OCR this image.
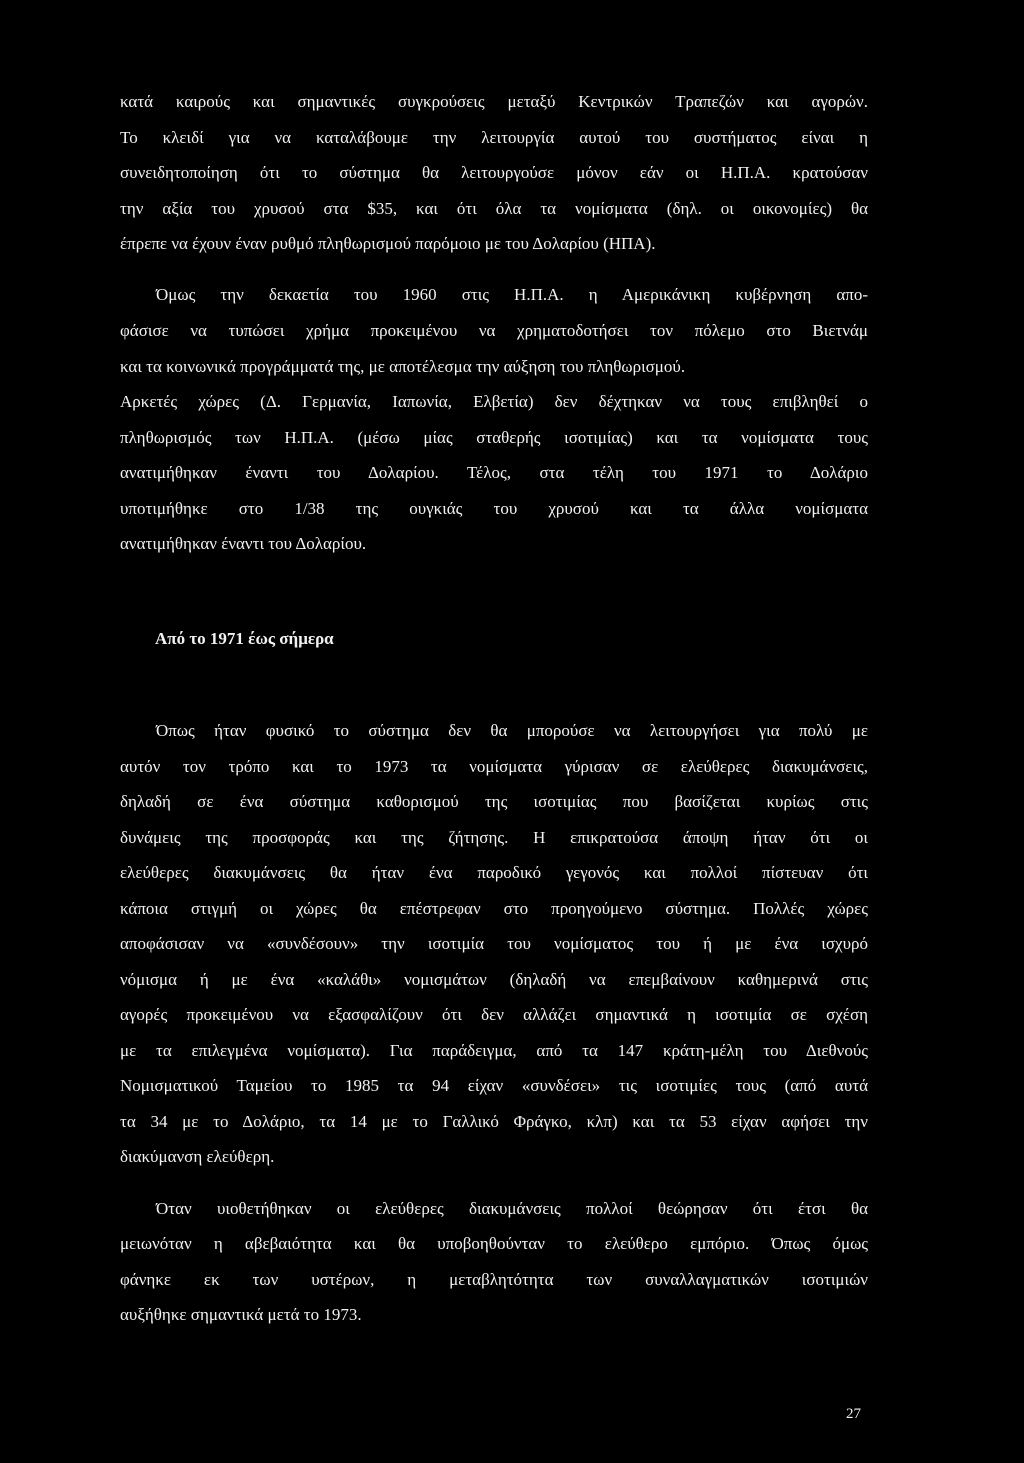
κατά καιρούς και σημαντικές συγκρούσεις μεταξύ Κεντρικών Τραπεζών και αγορών.

Το κλειδί για να καταλάβουμε την λειτουργία αυτού του συστήματος είναι η

συνειδητοποίηση ότι το σύστημα θα λειτουργούσε μόνον εάν οι Η.Π.Α. κρατούσαν

την αξία του χρυσού στα $35, και ότι όλα τα νομίσματα (δηλ. οι οικονομίες) θα

έπρεπε να έχουν έναν ρυθμό πληθωρισμού παρόμοιο με του Δολαρίου (ΗΠΑ).

Όμως την δεκαετία του 1960 στις Η.Π.Α. η Αμερικάνικη κυβέρνηση απο-

φάσισε να τυπώσει χρήμα προκειμένου να χρηματοδοτήσει τον πόλεμο στο Βιετνάμ

και τα κοινωνικά προγράμματά της, με αποτέλεσμα την αύξηση του πληθωρισμού.

Αρκετές χώρες (Δ. Γερμανία, Ιαπωνία, Ελβετία) δεν δέχτηκαν να τους επιβληθεί ο

πληθωρισμός των Η.Π.Α. (μέσω μίας σταθερής ισοτιμίας) και τα νομίσματα τους

ανατιμήθηκαν έναντι του Δολαρίου. Τέλος, στα τέλη του 1971 το Δολάριο

υποτιμήθηκε στο 1/38 της ουγκιάς του χρυσού και τα άλλα νομίσματα

ανατιμήθηκαν έναντι του Δολαρίου.

Από το 1971 έως σήμερα

Όπως ήταν φυσικό το σύστημα δεν θα μπορούσε να λειτουργήσει για πολύ με

αυτόν τον τρόπο και το 1973 τα νομίσματα γύρισαν σε ελεύθερες διακυμάνσεις,

δηλαδή σε ένα σύστημα καθορισμού της ισοτιμίας που βασίζεται κυρίως στις

δυνάμεις της προσφοράς και της ζήτησης. Η επικρατούσα άποψη ήταν ότι οι

ελεύθερες διακυμάνσεις θα ήταν ένα παροδικό γεγονός και πολλοί πίστευαν ότι

κάποια στιγμή οι χώρες θα επέστρεφαν στο προηγούμενο σύστημα. Πολλές χώρες

αποφάσισαν να «συνδέσουν» την ισοτιμία του νομίσματος του ή με ένα ισχυρό

νόμισμα ή με ένα «καλάθι» νομισμάτων (δηλαδή να επεμβαίνουν καθημερινά στις

αγορές προκειμένου να εξασφαλίζουν ότι δεν αλλάζει σημαντικά η ισοτιμία σε σχέση

με τα επιλεγμένα νομίσματα). Για παράδειγμα, από τα 147 κράτη-μέλη του Διεθνούς

Νομισματικού Ταμείου το 1985 τα 94 είχαν «συνδέσει» τις ισοτιμίες τους (από αυτά

τα 34 με το Δολάριο, τα 14 με το Γαλλικό Φράγκο, κλπ) και τα 53 είχαν αφήσει την

διακύμανση ελεύθερη.

Όταν υιοθετήθηκαν οι ελεύθερες διακυμάνσεις πολλοί θεώρησαν ότι έτσι θα

μειωνόταν η αβεβαιότητα και θα υποβοηθούνταν το ελεύθερο εμπόριο. Όπως όμως

φάνηκε εκ των υστέρων, η μεταβλητότητα των συναλλαγματικών ισοτιμιών

αυξήθηκε σημαντικά μετά το 1973.

27
